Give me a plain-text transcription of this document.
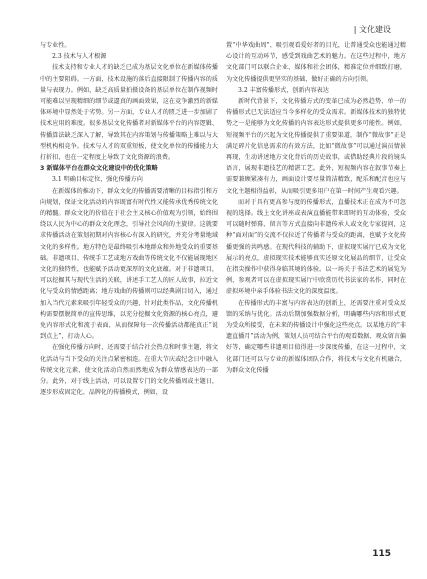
| 文化建设

与专业性。

2.3 技术与人才根源

技术支持和专业人才的缺乏已成为基层文化单位在新媒体传播中的主要阻碍。一方面，技术设施的落后直接限制了传播内容的质量与表现力。例如，缺乏高质量拍摄设备的基层单位在制作视频时可能难以呈现精细的细节或逼真的画面效果，这在竞争激烈的新媒体环境中显然处于劣势。另一方面，专业人才的匮乏进一步加剧了技术应用的难度。很多基层文化传播者对新媒体平台的内容逻辑、传播算法缺乏深入了解，导致其在内容策划与传播策略上难以与大型机构相竞争。技术与人才的双重短板，使文化单位的传播能力大打折扣，也在一定程度上导致了文化资源的浪费。

3 新媒体平台在群众文化建设中的优化策略
3.1 明确目标定位，强化传播方向

在新媒体的推动下，群众文化的传播需要清晰的目标指引和方向规划，保证文化活动的内容既富有时代性又能传承优秀传统文化的精髓。群众文化的价值在于社会主义核心价值观为引领，始终围绕以人民为中心的群众文化理念，引导社会风尚的主旋律。这就要求传播活动在策划初期对内容核心有深入的研究，并充分考量地域文化的多样性。地方特色是最终吸引本地群众和外地受众的重要基础。非遗项目、传统手工艺或地方戏曲等传统文化不仅能展现地区文化的独特性，也能赋予活动更深厚的文化底蕴。对于非遗项目，可以挖掘其与现代生活的关联，讲述手工艺人的匠人故事，拉近文化与受众的情感距离；地方戏曲的传播则可以经典剧目切入，通过加入当代元素来吸引年轻受众的兴趣，针对此类作品，文化传播机构需要摆脱简单的宣传思维，以充分挖掘文化资源的核心亮点，避免内容形式化和流于表面，从而保障每一次传播活动都能真正“说到点上”，打动人心。

在强化传播方向时，还需要于结合社会热点和时事主题，将文化活动与当下受众的关注点紧密相连。在重大节庆或纪念日中融入传统文化元素，使文化活动自然而然地成为群众情感表达的一部分。此外，对于线上活动，可以设置专门的文化传播周或主题日，逐步形成固定化、品牌化的传播模式，例如，设

置“中华戏曲周”、吸引观看爱好者的目光，让普通受众也能通过精心设计的互动环节，感受到戏曲艺术的魅力。在这些过程中，地方文化部门可以联合企业、媒体和社会团体，精准定位并细致打磨，为文化传播提供更坚实的基础，做好正确的方向引领。

3.2 丰富传播形式，创新内容表达

新时代背景下，文化传播方式的变革已成为必然趋势，单一的传播形式已无法适应当今多样化的受众需求。新媒体技术的独特优势之一是能够为文化传播的内容表达形式提供更多可能性。例如，短视频平台的兴起为文化传播提供了重要渠道，制作“微故事”正是满足碎片化信息需求的有效方法，比如“微故事”可以通过演员情景再现，生动讲述地方文化背后的历史故事，或借助经典片段的镜头语言，展现非遗技艺的精湛工艺。此外，短视频内容在叙事节奏上需要兼顾紧凑有力，画面设计要尽量简洁精致，配乐和配音也应与文化主题相得益彰，从而吸引更多用户在第一时间产生观看兴趣。

而对于具有更高参与度的传播形式，直播技术正在成为不可忽视的选择。线上文化讲座或表演直播能带来即时的互动体验，受众可以随时弹幕、留言等方式直接向非遗传承人或文化专家提问，这种“面对面”的交流不仅拉近了传播者与受众的距离，也赋予文化传播更强的共鸣感。在现代科技的辅助下，虚拟现实展厅已成为文化展示的亮点，虚拟现实技术能够真实还原文化展品的细节，让受众在指尖操作中获得身临其境的体验。以一场关于书法艺术的展览为例，参观者可以在虚拟现实展厅中欣赏历代书法家的名作，同时在虚拟环境中亲手体验书法文化的深度温度。

在传播形式的丰富与内容表达的创新上，还需要注重对受众反馈的采纳与优化。活动后期加强数据分析，明确哪些内容和形式更为受众所接受，在未来的传播设计中强化这些亮点。以某地方的“非遗直播月”活动为例，策划人员可结合平台的观看数据、观众留言偏好等，确定哪些非遗项目值得进一步深度传播，在这一过程中，文化部门还可以与专业的新媒体团队合作，将技术与文化有机融合，为群众文化传播

115
